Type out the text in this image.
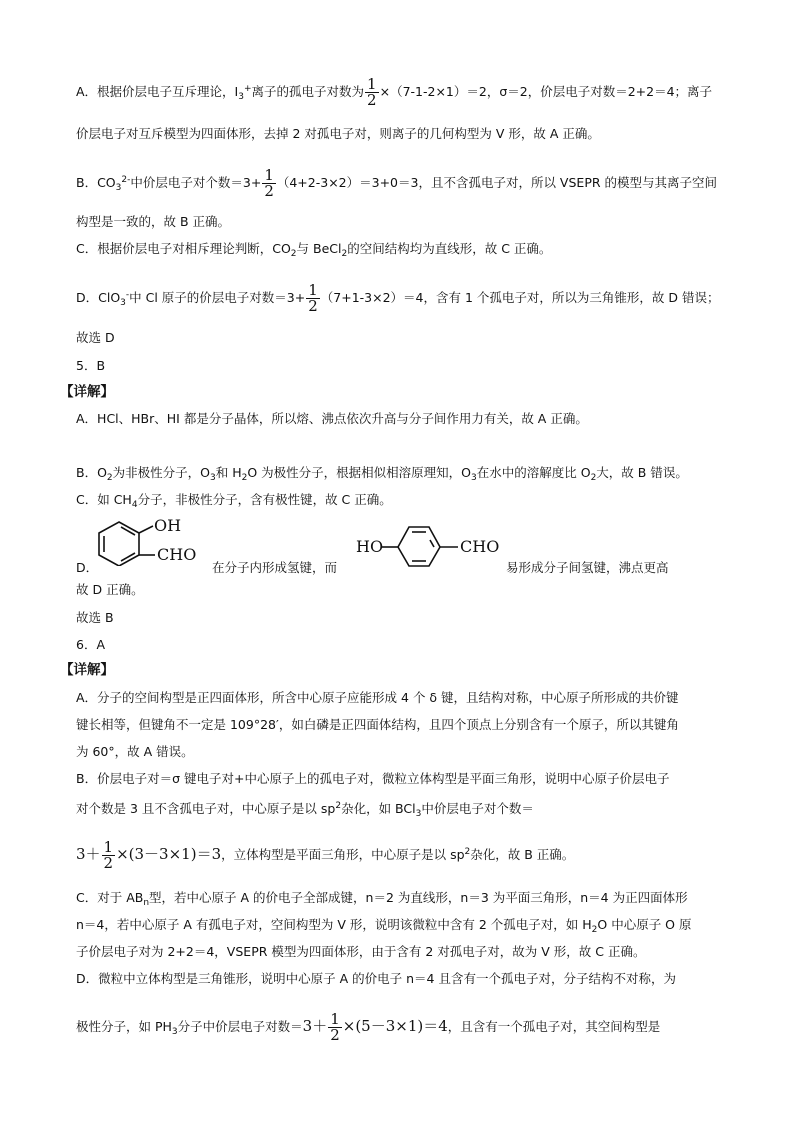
A．根据价层电子互斥理论，$I_3^+$离子的孤电子对数为 $\frac{1}{2} \times(7-1-2\times 1)=2$，σ＝2，价层电子对数＝2+2＝4；离子
价层电子对互斥模型为四面体形，去掉 2 对孤电子对，则离子的几何构型为 V 形，故 A 正确。
B．$CO_3^{2-}$中价层电子对个数$=3+ \frac{1}{2} (4+2-3\times 2)=3+0=3$，且不含孤电子对，所以 VSEPR 的模型与其离子空间
构型是一致的，故 B 正确。
C．根据价层电子对相斥理论判断，$CO_2$与 BeCl$_2$的空间结构均为直线形，故 C 正确。
D．ClO$_3$-中 Cl 原子的价层电子对数$=3+ \frac{1}{2} (7+1-3\times 2)=4$，含有 1 个孤电子对，所以为三角锥形，故 D 错误；
故选 D
5．B
【详解】
A．HCl、HBr、HI 都是分子晶体，所以熔、沸点依次升高与分子间作用力有关，故 A 正确。
B．$O_2$为非极性分子，$O_3$和 $H_2O$ 为极性分子，根据相似相溶原理知，$O_3$在水中的溶解度比 $O_2$大，故 B 错误。
C．如 $CH_4$分子，非极性分子，含有极性键，故 C 正确。
D．
OH
CHO
在分子内形成氢键，而
HO	CHO
易形成分子间氢键，沸点更高
故 D 正确。
故选 B
6．A
【详解】
A．分子的空间构型是正四面体形，所含中心原子应能形成 4 个 δ 键，且结构对称，中心原子所形成的共价键
键长相等，但键角不一定是 109°28′，如白磷是正四面体结构，且四个顶点上分别含有一个原子，所以其键角
为 60°，故 A 错误。
B．价层电子对＝σ 键电子对+中心原子上的孤电子对，微粒立体构型是平面三角形，说明中心原子价层电子
对个数是 3 且不含孤电子对，中心原子是以 $sp^2$杂化，如 BCl$_3$中价层电子对个数＝
$3+ \frac{1}{2} \times(3-3\times 1)=3$，立体构型是平面三角形，中心原子是以 $sp^2$杂化，故 B 正确。
C．对于 $AB_n$型，若中心原子 A 的价电子全部成键，n＝2 为直线形，n＝3 为平面三角形，n＝4 为正四面体形
n＝4，若中心原子 A 有孤电子对，空间构型为 V 形，说明该微粒中含有 2 个孤电子对，如 $H_2O$ 中心原子 O 原
子价层电子对为 2+2＝4，VSEPR 模型为四面体形，由于含有 2 对孤电子对，故为 V 形，故 C 正确。
D．微粒中立体构型是三角锥形，说明中心原子 A 的价电子 n＝4 且含有一个孤电子对，分子结构不对称，为
极性分子，如 $PH_3$分子中价层电子对数$=3+ \frac{1}{2} \times(5-3\times 1)=4$，且含有一个孤电子对，其空间构型是
